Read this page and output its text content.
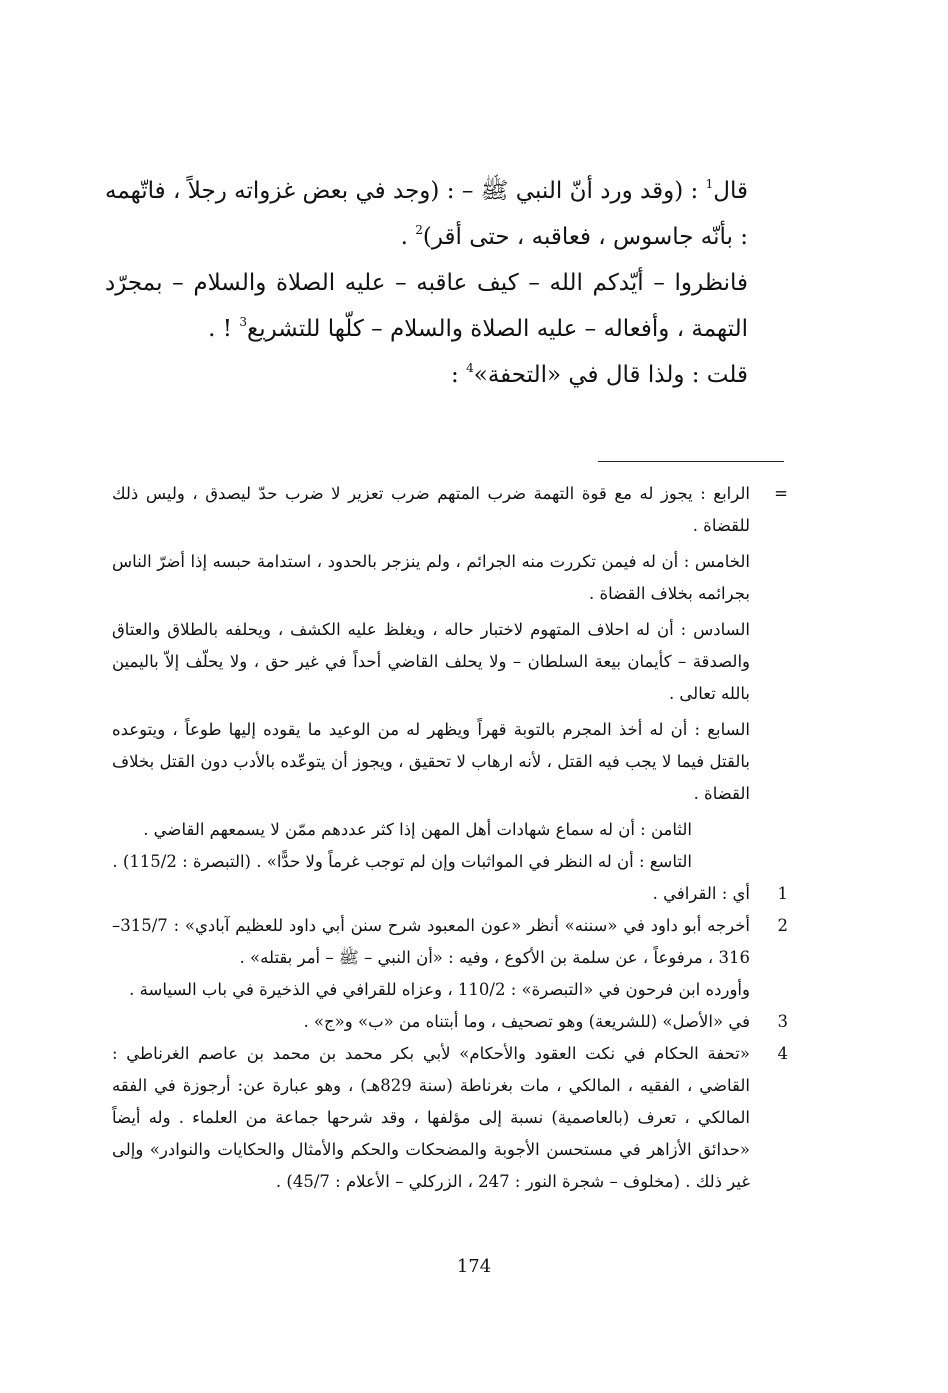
قال$^1$ : (وقد ورد أنّ النبي ﷺ – : (وجد في بعض غزواته رجلاً ، فاتّهمه : بأنّه جاسوس ، فعاقبه ، حتى أقر)$^2$ .

فانظروا – أيّدكم الله – كيف عاقبه – عليه الصلاة والسلام – بمجرّد التهمة ، وأفعاله – عليه الصلاة والسلام – كلّها للتشريع$^3$ ! .

قلت : ولذا قال في «التحفة»$^4$ :

=

الرابع : يجوز له مع قوة التهمة ضرب المتهم ضرب تعزير لا ضرب حدّ ليصدق ، وليس ذلك للقضاة .

الخامس : أن له فيمن تكررت منه الجرائم ، ولم ينزجر بالحدود ، استدامة حبسه إذا أضرّ الناس بجرائمه بخلاف القضاة .

السادس : أن له احلاف المتهوم لاختبار حاله ، ويغلظ عليه الكشف ، ويحلفه بالطلاق والعتاق والصدقة – كأيمان بيعة السلطان – ولا يحلف القاضي أحداً في غير حق ، ولا يحلّف إلاّ باليمين بالله تعالى .

السابع : أن له أخذ المجرم بالتوبة قهراً ويظهر له من الوعيد ما يقوده إليها طوعاً ، ويتوعده بالقتل فيما لا يجب فيه القتل ، لأنه ارهاب لا تحقيق ، ويجوز أن يتوعّده بالأدب دون القتل بخلاف القضاة .

الثامن : أن له سماع شهادات أهل المهن إذا كثر عددهم ممّن لا يسمعهم القاضي .

التاسع : أن له النظر في المواثبات وإن لم توجب غرماً ولا حدًّا» . (التبصرة : 115/2) .

1

أي : القرافي .

2

أخرجه أبو داود في «سننه» أنظر «عون المعبود شرح سنن أبي داود للعظيم آبادي» : 315/7–316 ، مرفوعاً ، عن سلمة بن الأكوع ، وفيه : «أن النبي – ﷺ – أمر بقتله» .

وأورده ابن فرحون في «التبصرة» : 110/2 ، وعزاه للقرافي في الذخيرة في باب السياسة .

3

في «الأصل» (للشريعة) وهو تصحيف ، وما أبتناه من «ب» و«ج» .

4

«تحفة الحكام في نكت العقود والأحكام» لأبي بكر محمد بن محمد بن عاصم الغرناطي : القاضي ، الفقيه ، المالكي ، مات بغرناطة (سنة 829هـ) ، وهو عبارة عن: أرجوزة في الفقه المالكي ، تعرف (بالعاصمية) نسبة إلى مؤلفها ، وقد شرحها جماعة من العلماء . وله أيضاً «حدائق الأزاهر في مستحسن الأجوبة والمضحكات والحكم والأمثال والحكايات والنوادر» وإلى غير ذلك . (مخلوف – شجرة النور : 247 ، الزركلي – الأعلام : 45/7) .

174
